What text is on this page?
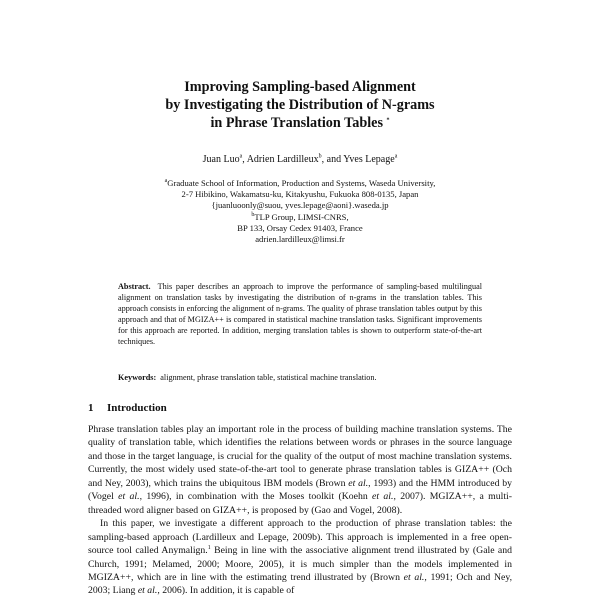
Improving Sampling-based Alignment
by Investigating the Distribution of N-grams
in Phrase Translation Tables *
Juan Luo$^a$, Adrien Lardilleux$^b$, and Yves Lepage$^a$
$^a$Graduate School of Information, Production and Systems, Waseda University,
2-7 Hibikino, Wakamatsu-ku, Kitakyushu, Fukuoka 808-0135, Japan
{juanluoonly@suou, yves.lepage@aoni}.waseda.jp
$^b$TLP Group, LIMSI-CNRS,
BP 133, Orsay Cedex 91403, France
adrien.lardilleux@limsi.fr
Abstract. This paper describes an approach to improve the performance of sampling-based multilingual alignment on translation tasks by investigating the distribution of n-grams in the translation tables. This approach consists in enforcing the alignment of n-grams. The quality of phrase translation tables output by this approach and that of MGIZA++ is compared in statistical machine translation tasks. Significant improvements for this approach are reported. In addition, merging translation tables is shown to outperform state-of-the-art techniques.
Keywords: alignment, phrase translation table, statistical machine translation.
1 Introduction

Phrase translation tables play an important role in the process of building machine translation systems. The quality of translation table, which identifies the relations between words or phrases in the source language and those in the target language, is crucial for the quality of the output of most machine translation systems. Currently, the most widely used state-of-the-art tool to generate phrase translation tables is GIZA++ (Och and Ney, 2003), which trains the ubiquitous IBM models (Brown et al., 1993) and the HMM introduced by (Vogel et al., 1996), in combination with the Moses toolkit (Koehn et al., 2007). MGIZA++, a multi-threaded word aligner based on GIZA++, is proposed by (Gao and Vogel, 2008).

In this paper, we investigate a different approach to the production of phrase translation tables: the sampling-based approach (Lardilleux and Lepage, 2009b). This approach is implemented in a free open-source tool called Anymalign.$^1$ Being in line with the associative alignment trend illustrated by (Gale and Church, 1991; Melamed, 2000; Moore, 2005), it is much simpler than the models implemented in MGIZA++, which are in line with the estimating trend illustrated by (Brown et al., 1991; Och and Ney, 2003; Liang et al., 2006). In addition, it is capable of
